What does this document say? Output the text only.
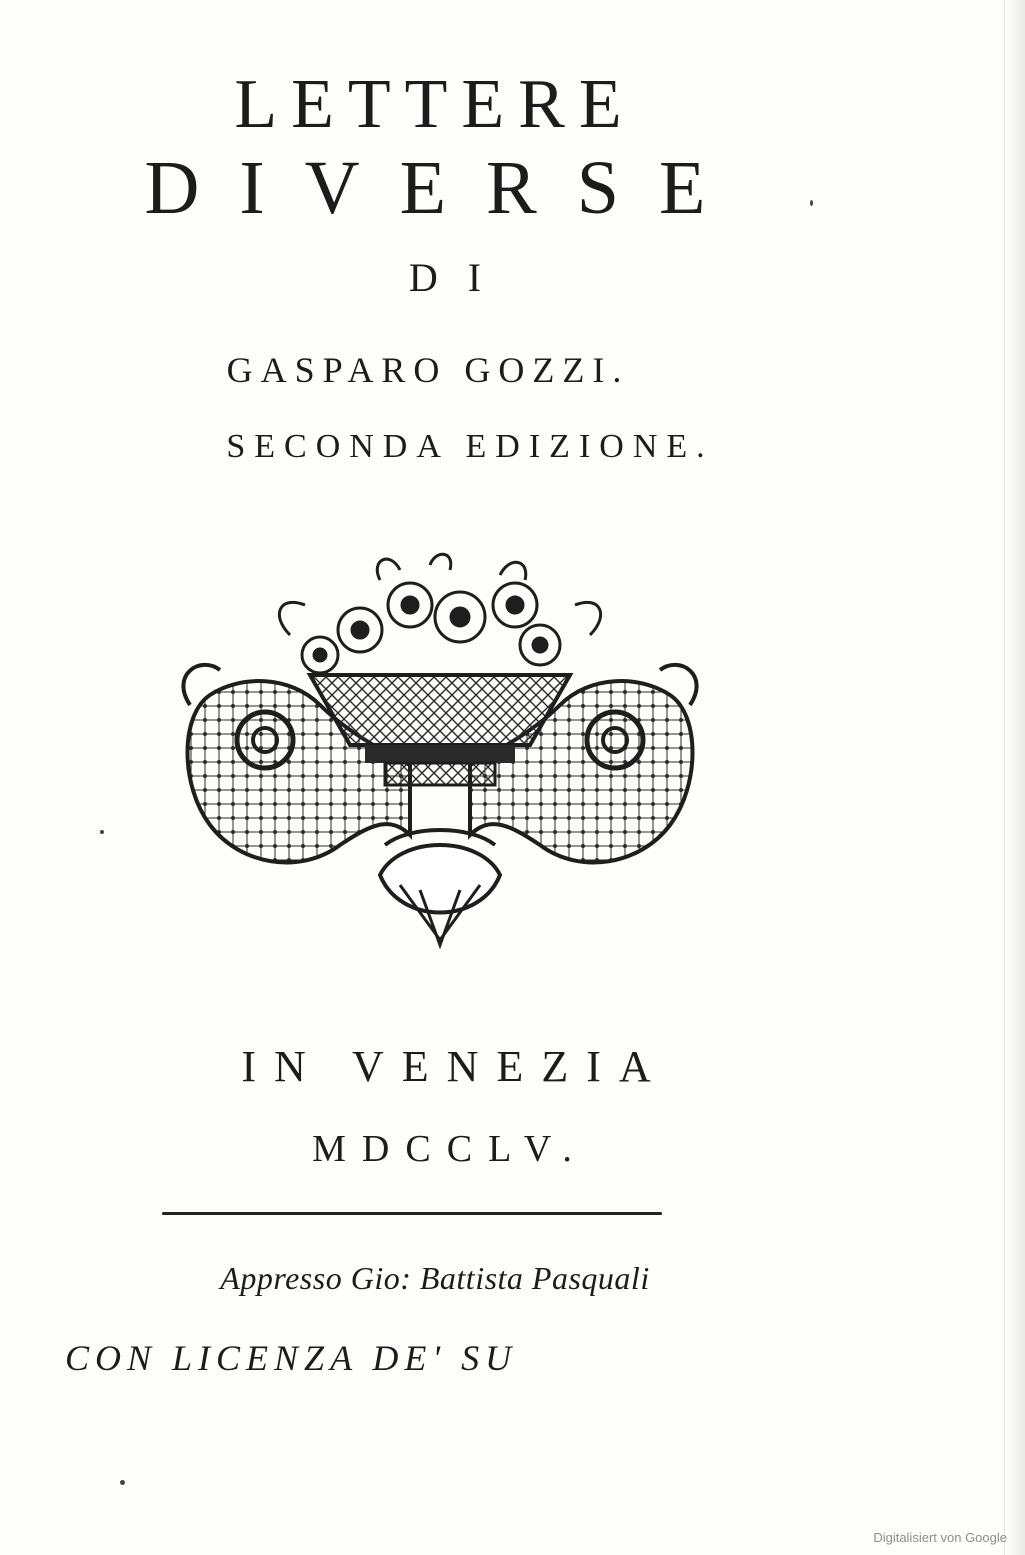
LETTERE
DIVERSE
DI
GASPARO GOZZI.
SECONDA EDIZIONE.
IN VENEZIA
MDCCLV.
Appresso Gio: Battista Pasquali
CON LICENZA DE' SU
Digitalisiert von Google
